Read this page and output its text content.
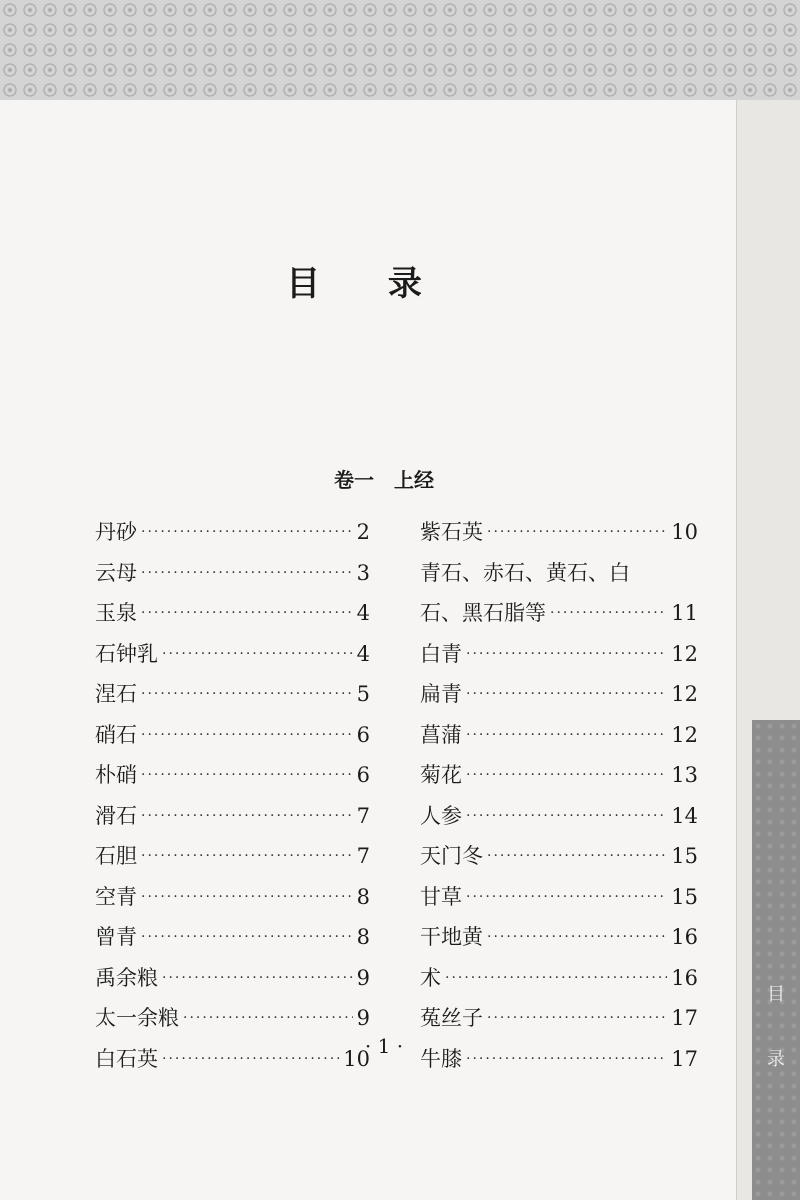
目
录
目 录
卷一　上经
丹砂 ·····	2
云母 ·····	3
玉泉 ·····	4
石钟乳 ·····	4
涅石 ·····	5
硝石 ·····	6
朴硝 ·····	6
滑石 ·····	7
石胆 ·····	7
空青 ·····	8
曾青 ·····	8
禹余粮 ·····	9
太一余粮 ·····	9
白石英 ·····	10
紫石英 ·····	10
青石、赤石、黄石、白
石、黑石脂等 ·····	11
白青 ·····	12
扁青 ·····	12
菖蒲 ·····	12
菊花 ·····	13
人参 ·····	14
天门冬 ·····	15
甘草 ·····	15
干地黄 ·····	16
术 ·····	16
菟丝子 ·····	17
牛膝 ·····	17
· 1 ·
